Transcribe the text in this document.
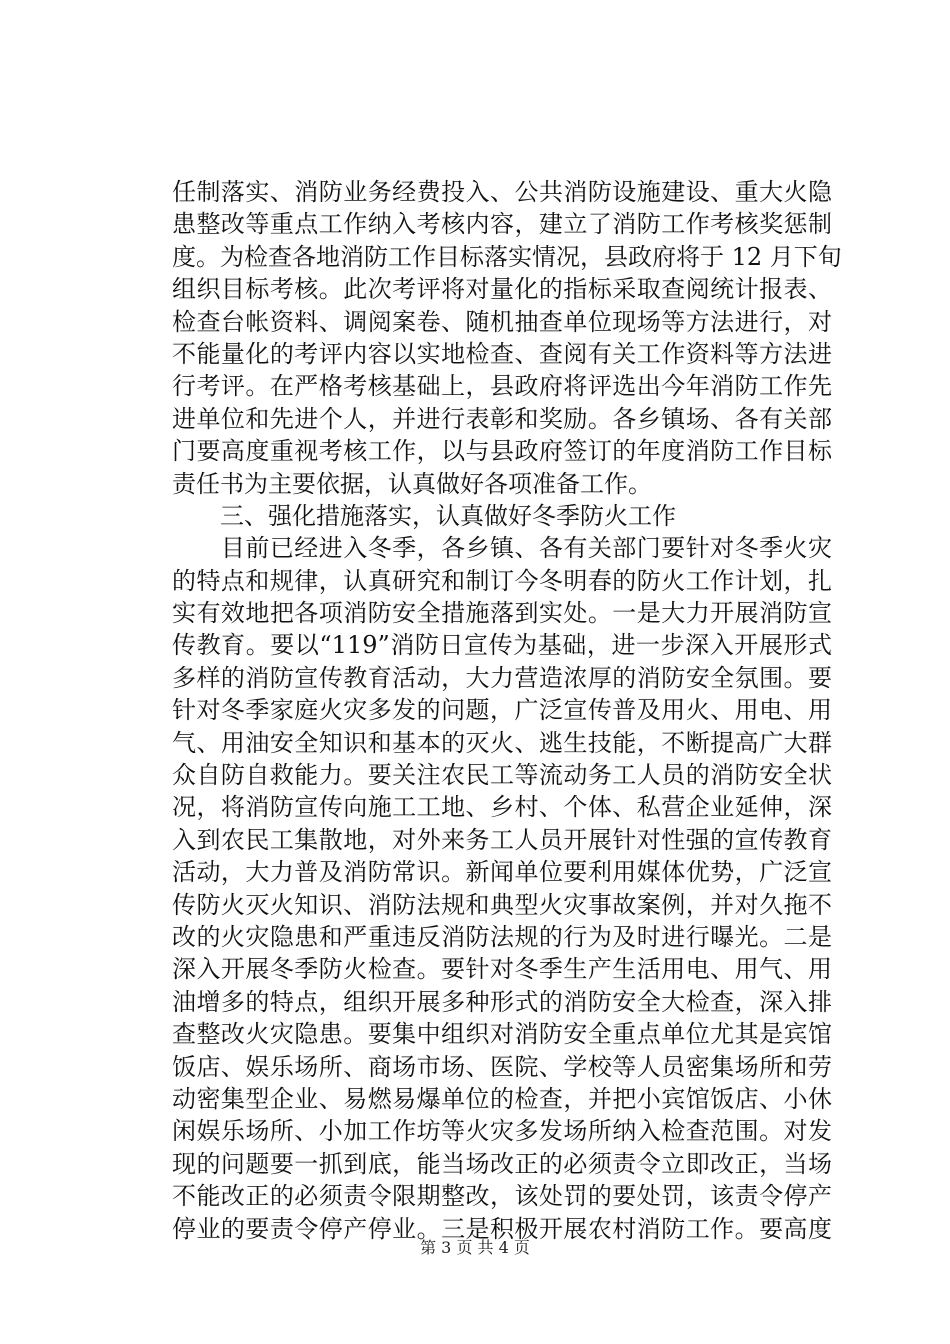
任制落实、消防业务经费投入、公共消防设施建设、重大火隐
患整改等重点工作纳入考核内容，建立了消防工作考核奖惩制
度。为检查各地消防工作目标落实情况，县政府将于 12 月下旬
组织目标考核。此次考评将对量化的指标采取查阅统计报表、
检查台帐资料、调阅案卷、随机抽查单位现场等方法进行，对
不能量化的考评内容以实地检查、查阅有关工作资料等方法进
行考评。在严格考核基础上，县政府将评选出今年消防工作先
进单位和先进个人，并进行表彰和奖励。各乡镇场、各有关部
门要高度重视考核工作，以与县政府签订的年度消防工作目标
责任书为主要依据，认真做好各项准备工作。
　　三、强化措施落实，认真做好冬季防火工作
　　目前已经进入冬季，各乡镇、各有关部门要针对冬季火灾
的特点和规律，认真研究和制订今冬明春的防火工作计划，扎
实有效地把各项消防安全措施落到实处。一是大力开展消防宣
传教育。要以“119”消防日宣传为基础，进一步深入开展形式
多样的消防宣传教育活动，大力营造浓厚的消防安全氛围。要
针对冬季家庭火灾多发的问题，广泛宣传普及用火、用电、用
气、用油安全知识和基本的灭火、逃生技能，不断提高广大群
众自防自救能力。要关注农民工等流动务工人员的消防安全状
况，将消防宣传向施工工地、乡村、个体、私营企业延伸，深
入到农民工集散地，对外来务工人员开展针对性强的宣传教育
活动，大力普及消防常识。新闻单位要利用媒体优势，广泛宣
传防火灭火知识、消防法规和典型火灾事故案例，并对久拖不
改的火灾隐患和严重违反消防法规的行为及时进行曝光。二是
深入开展冬季防火检查。要针对冬季生产生活用电、用气、用
油增多的特点，组织开展多种形式的消防安全大检查，深入排
查整改火灾隐患。要集中组织对消防安全重点单位尤其是宾馆
饭店、娱乐场所、商场市场、医院、学校等人员密集场所和劳
动密集型企业、易燃易爆单位的检查，并把小宾馆饭店、小休
闲娱乐场所、小加工作坊等火灾多发场所纳入检查范围。对发
现的问题要一抓到底，能当场改正的必须责令立即改正，当场
不能改正的必须责令限期整改，该处罚的要处罚，该责令停产
停业的要责令停产停业。三是积极开展农村消防工作。要高度
第 3 页 共 4 页
